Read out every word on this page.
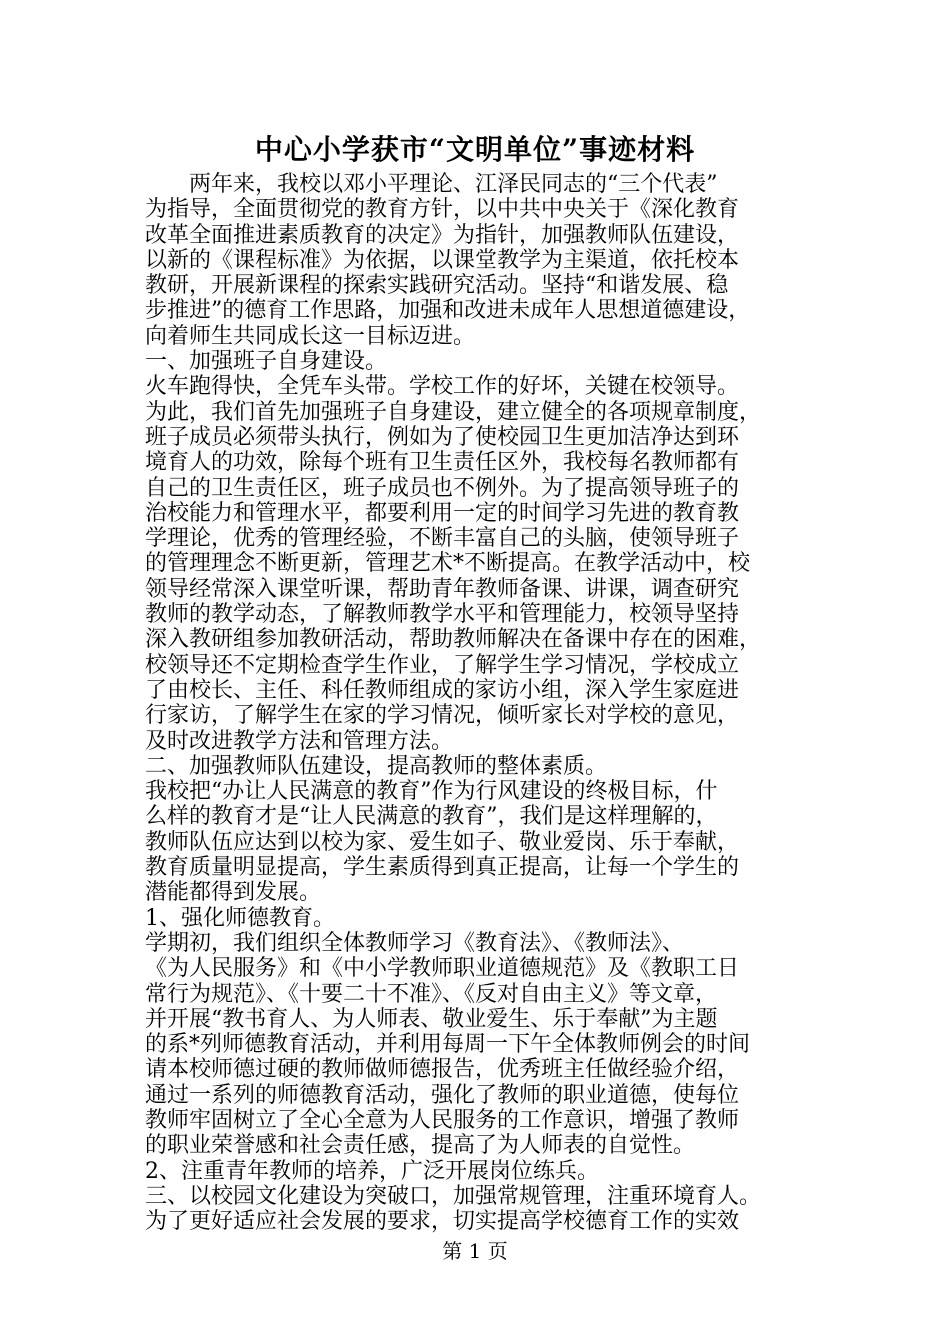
中心小学获市“文明单位”事迹材料

　　两年来，我校以邓小平理论、江泽民同志的“三个代表”

为指导，全面贯彻党的教育方针，以中共中央关于《深化教育

改革全面推进素质教育的决定》为指针，加强教师队伍建设，

以新的《课程标准》为依据，以课堂教学为主渠道，依托校本

教研，开展新课程的探索实践研究活动。坚持“和谐发展、稳

步推进”的德育工作思路，加强和改进未成年人思想道德建设，

向着师生共同成长这一目标迈进。

一、加强班子自身建设。

火车跑得快，全凭车头带。学校工作的好坏，关键在校领导。

为此，我们首先加强班子自身建设，建立健全的各项规章制度，

班子成员必须带头执行，例如为了使校园卫生更加洁净达到环

境育人的功效，除每个班有卫生责任区外，我校每名教师都有

自己的卫生责任区，班子成员也不例外。为了提高领导班子的

治校能力和管理水平，都要利用一定的时间学习先进的教育教

学理论，优秀的管理经验，不断丰富自己的头脑，使领导班子

的管理理念不断更新，管理艺术*不断提高。在教学活动中，校

领导经常深入课堂听课，帮助青年教师备课、讲课，调查研究

教师的教学动态，了解教师教学水平和管理能力，校领导坚持

深入教研组参加教研活动，帮助教师解决在备课中存在的困难，

校领导还不定期检查学生作业，了解学生学习情况，学校成立

了由校长、主任、科任教师组成的家访小组，深入学生家庭进

行家访，了解学生在家的学习情况，倾听家长对学校的意见，

及时改进教学方法和管理方法。

二、加强教师队伍建设，提高教师的整体素质。

我校把“办让人民满意的教育”作为行风建设的终极目标，什

么样的教育才是“让人民满意的教育”，我们是这样理解的，

教师队伍应达到以校为家、爱生如子、敬业爱岗、乐于奉献，

教育质量明显提高，学生素质得到真正提高，让每一个学生的

潜能都得到发展。

1、强化师德教育。

学期初，我们组织全体教师学习《教育法》、《教师法》、

《为人民服务》和《中小学教师职业道德规范》及《教职工日

常行为规范》、《十要二十不准》、《反对自由主义》等文章，

并开展“教书育人、为人师表、敬业爱生、乐于奉献”为主题

的系*列师德教育活动，并利用每周一下午全体教师例会的时间

请本校师德过硬的教师做师德报告，优秀班主任做经验介绍，

通过一系列的师德教育活动，强化了教师的职业道德，使每位

教师牢固树立了全心全意为人民服务的工作意识，增强了教师

的职业荣誉感和社会责任感，提高了为人师表的自觉性。

2、注重青年教师的培养，广泛开展岗位练兵。

三、以校园文化建设为突破口，加强常规管理，注重环境育人。

为了更好适应社会发展的要求，切实提高学校德育工作的实效

第 1 页
